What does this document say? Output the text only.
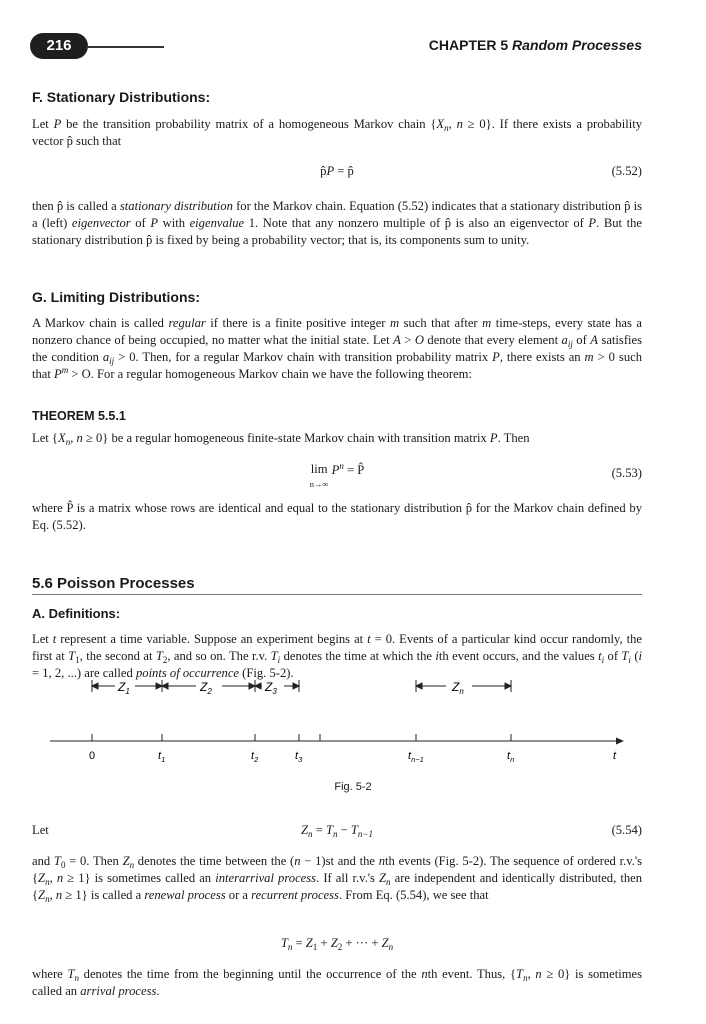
216	CHAPTER 5 Random Processes
F. Stationary Distributions:
Let P be the transition probability matrix of a homogeneous Markov chain {$X_n$, n ≥ 0}. If there exists a probability vector p̂ such that
p̂P = p̂	(5.52)
then p̂ is called a stationary distribution for the Markov chain. Equation (5.52) indicates that a stationary distribution p̂ is a (left) eigenvector of P with eigenvalue 1. Note that any nonzero multiple of p̂ is also an eigenvector of P. But the stationary distribution p̂ is fixed by being a probability vector; that is, its components sum to unity.
G. Limiting Distributions:
A Markov chain is called regular if there is a finite positive integer m such that after m time-steps, every state has a nonzero chance of being occupied, no matter what the initial state. Let A > O denote that every element $a_{ij}$ of A satisfies the condition $a_{ij} > 0$. Then, for a regular Markov chain with transition probability matrix P, there exists an m > 0 such that $P^m > O$. For a regular homogeneous Markov chain we have the following theorem:
THEOREM 5.5.1
Let {$X_n$, n ≥ 0} be a regular homogeneous finite-state Markov chain with transition matrix P. Then
lim
n→∞ $P^n$ = P̂	(5.53)
where P̂ is a matrix whose rows are identical and equal to the stationary distribution p̂ for the Markov chain defined by Eq. (5.52).
5.6 Poisson Processes
A. Definitions:
Let t represent a time variable. Suppose an experiment begins at t = 0. Events of a particular kind occur randomly, the first at $T_1$, the second at $T_2$, and so on. The r.v. $T_i$ denotes the time at which the ith event occurs, and the values $t_i$ of $T_i$ (i = 1, 2, ...) are called points of occurrence (Fig. 5-2).
$Z_1$	$Z_2$	$Z_3$	$Z_n$
0	$t_1$	$t_2$	$t_3$	$t_{n-1}$	$t_n$	t
Fig. 5-2
Let	$Z_n = T_n - T_{n-1}$	(5.54)
and $T_0 = 0$. Then $Z_n$ denotes the time between the (n − 1)st and the nth events (Fig. 5-2). The sequence of ordered r.v.'s {$Z_n$, n ≥ 1} is sometimes called an interarrival process. If all r.v.'s $Z_n$ are independent and identically distributed, then {$Z_n$, n ≥ 1} is called a renewal process or a recurrent process. From Eq. (5.54), we see that
$T_n = Z_1 + Z_2$ + ··· + $Z_n$
where $T_n$ denotes the time from the beginning until the occurrence of the nth event. Thus, {$T_n$, n ≥ 0} is sometimes called an arrival process.
